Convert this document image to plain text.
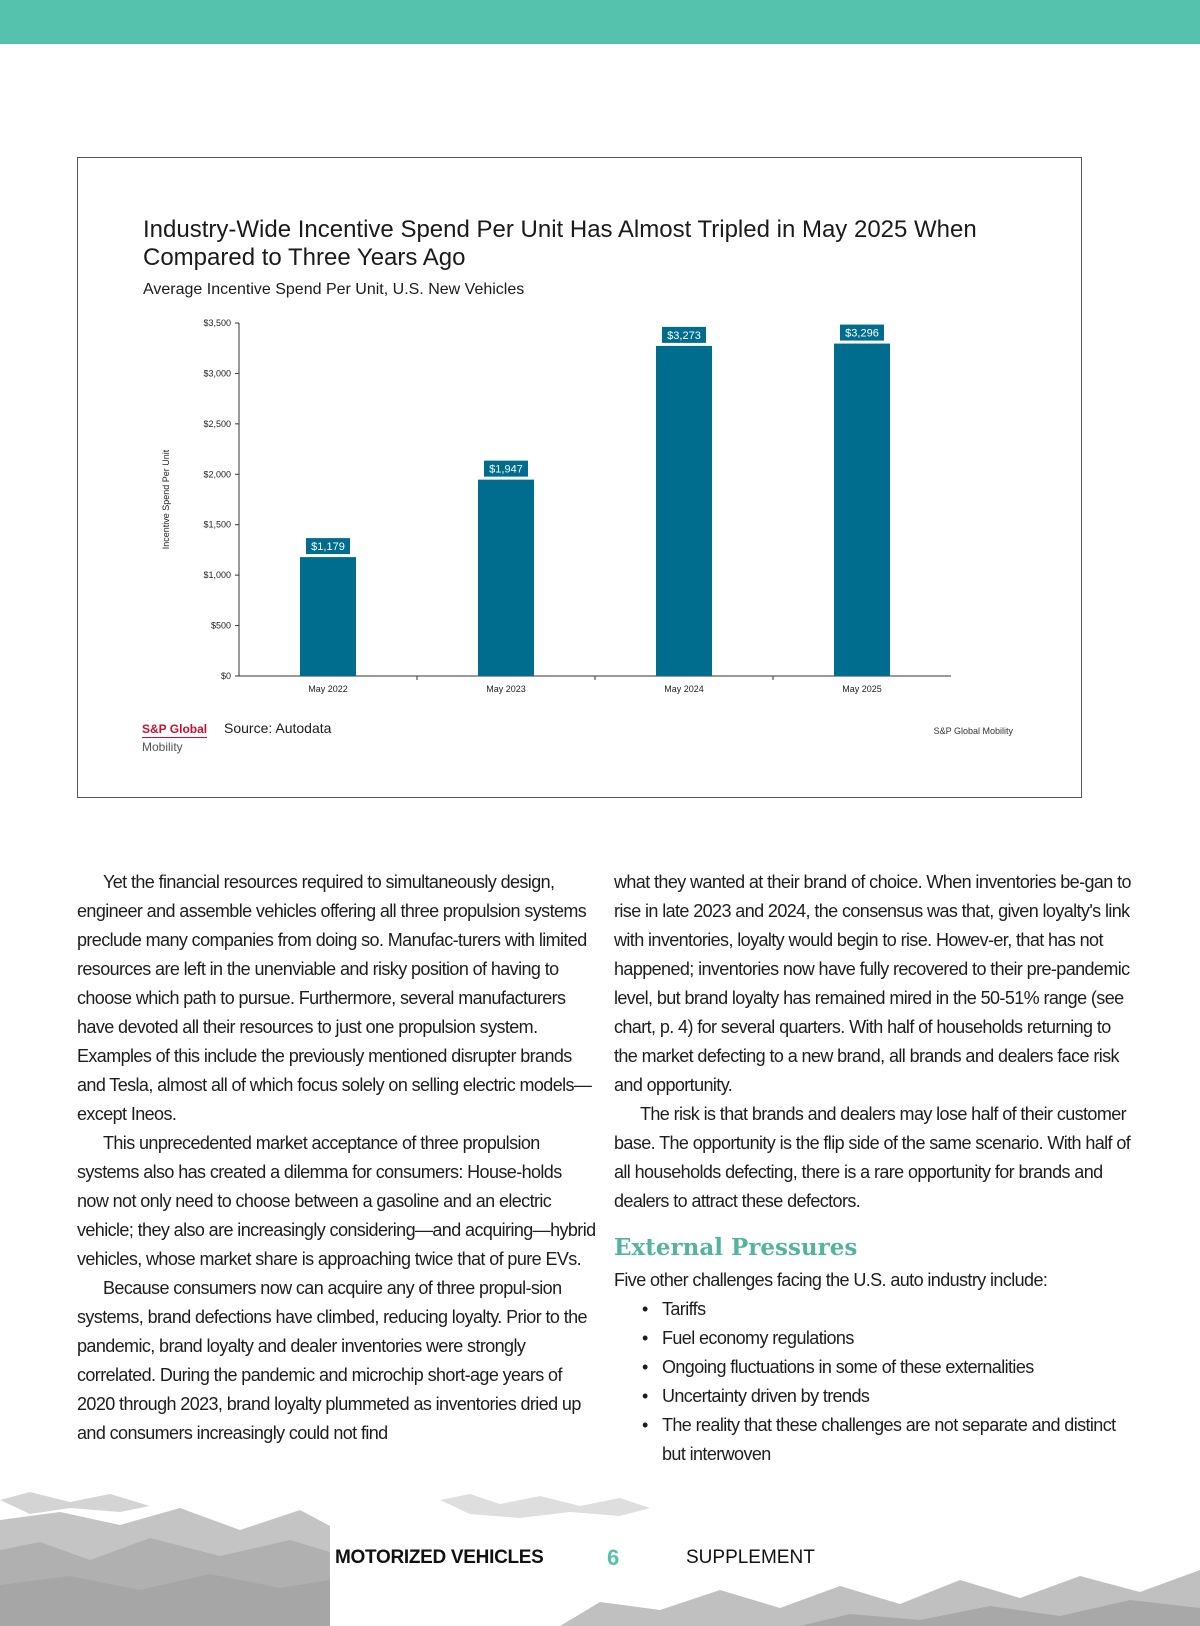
Industry-Wide Incentive Spend Per Unit Has Almost Tripled in May 2025 When Compared to Three Years Ago
Average Incentive Spend Per Unit, U.S. New Vehicles
$0
$500
$1,000
$1,500
$2,000
$2,500
$3,000
$3,500
Incentive Spend Per Unit	$1,179
May 2022
$1,947
May 2023
$3,273
May 2024
$3,296
May 2025
S&P Global
Mobility
Source: Autodata	S&P Global Mobility

Yet the financial resources required to simultaneously design, engineer and assemble vehicles offering all three propulsion systems preclude many companies from doing so. Manufac-turers with limited resources are left in the unenviable and risky position of having to choose which path to pursue. Furthermore, several manufacturers have devoted all their resources to just one propulsion system. Examples of this include the previously mentioned disrupter brands and Tesla, almost all of which focus solely on selling electric models—except Ineos.

This unprecedented market acceptance of three propulsion systems also has created a dilemma for consumers: House-holds now not only need to choose between a gasoline and an electric vehicle; they also are increasingly considering—and acquiring—hybrid vehicles, whose market share is approaching twice that of pure EVs.

Because consumers now can acquire any of three propul-sion systems, brand defections have climbed, reducing loyalty. Prior to the pandemic, brand loyalty and dealer inventories were strongly correlated. During the pandemic and microchip short-age years of 2020 through 2023, brand loyalty plummeted as inventories dried up and consumers increasingly could not find

what they wanted at their brand of choice. When inventories be-gan to rise in late 2023 and 2024, the consensus was that, given loyalty's link with inventories, loyalty would begin to rise. Howev-er, that has not happened; inventories now have fully recovered to their pre-pandemic level, but brand loyalty has remained mired in the 50-51% range (see chart, p. 4) for several quarters. With half of households returning to the market defecting to a new brand, all brands and dealers face risk and opportunity.

The risk is that brands and dealers may lose half of their customer base. The opportunity is the flip side of the same scenario. With half of all households defecting, there is a rare opportunity for brands and dealers to attract these defectors.

External Pressures

Five other challenges facing the U.S. auto industry include:

• Tariffs
• Fuel economy regulations
• Ongoing fluctuations in some of these externalities
• Uncertainty driven by trends
• The reality that these challenges are not separate and distinct but interwoven
MOTORIZED VEHICLES	6	SUPPLEMENT
